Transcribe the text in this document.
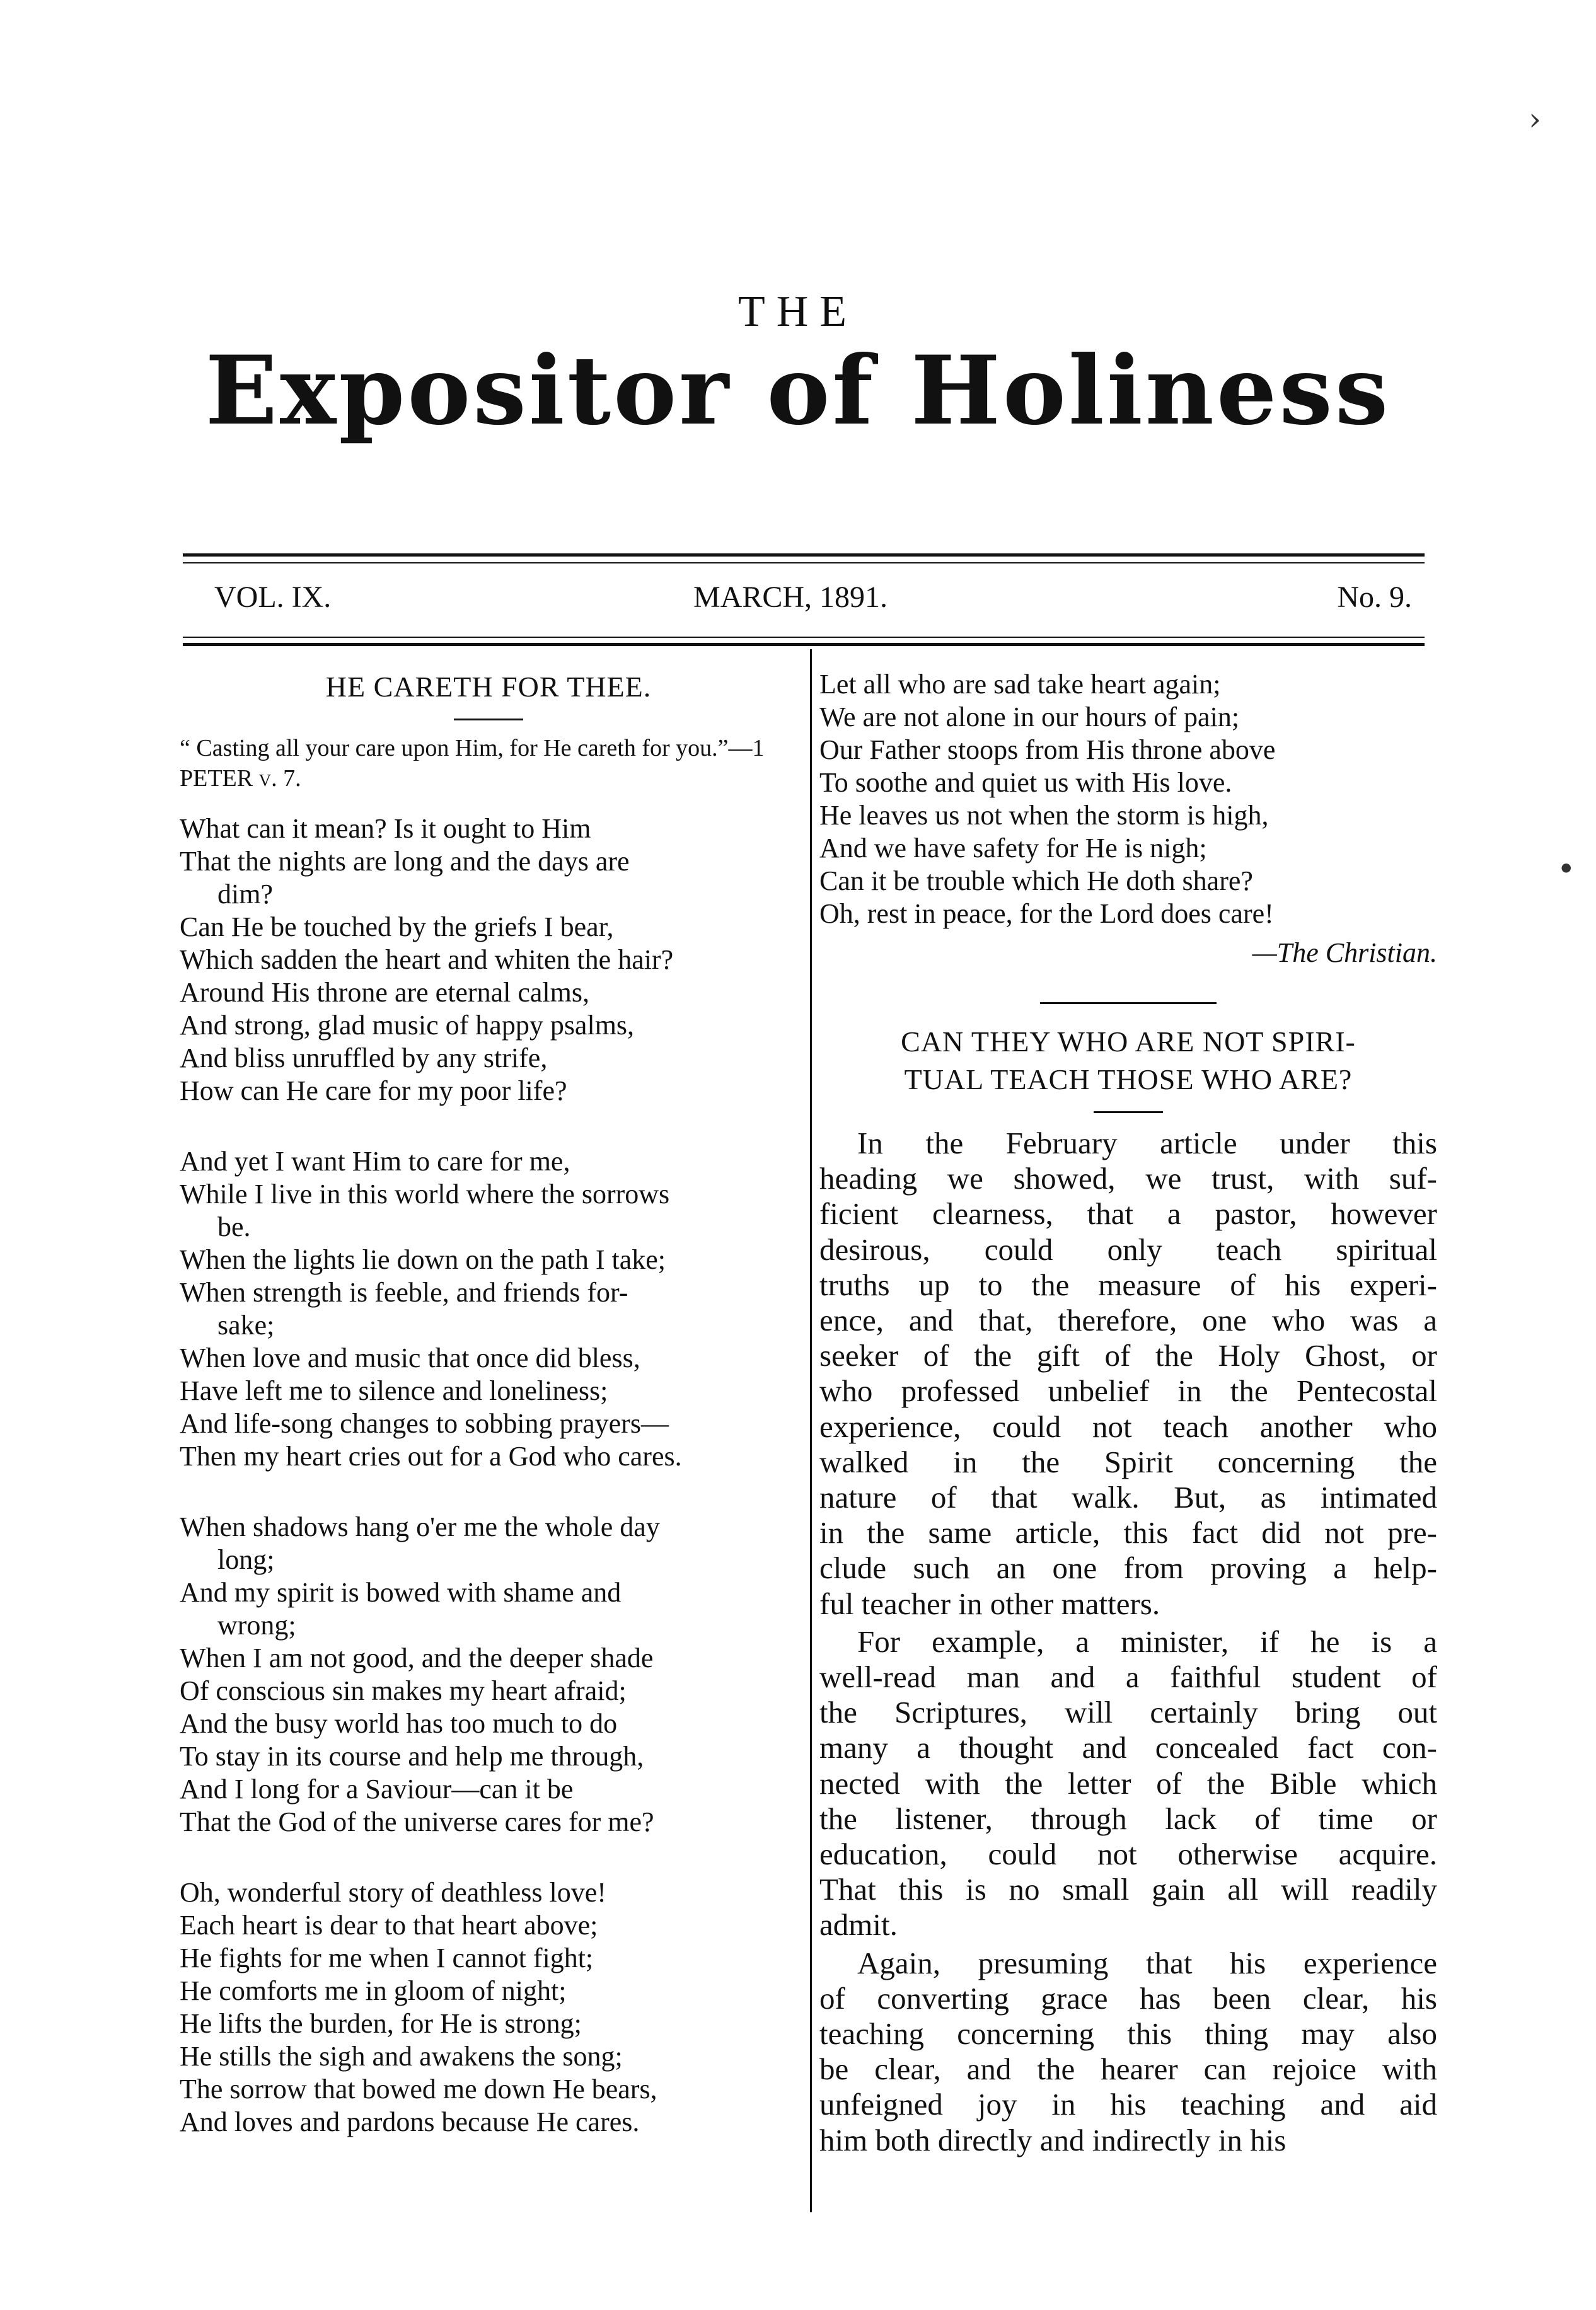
›
•
THE
Expositor of Holiness
VOL. IX.	MARCH, 1891.	No. 9.
HE CARETH FOR THEE.

“ Casting all your care upon Him, for He careth for you.”—1 PETER v. 7.

What can it mean? Is it ought to Him
That the nights are long and the days are
dim?
Can He be touched by the griefs I bear,
Which sadden the heart and whiten the hair?
Around His throne are eternal calms,
And strong, glad music of happy psalms,
And bliss unruffled by any strife,
How can He care for my poor life?
And yet I want Him to care for me,
While I live in this world where the sorrows
be.
When the lights lie down on the path I take;
When strength is feeble, and friends for-
sake;
When love and music that once did bless,
Have left me to silence and loneliness;
And life-song changes to sobbing prayers—
Then my heart cries out for a God who cares.
When shadows hang o'er me the whole day
long;
And my spirit is bowed with shame and
wrong;
When I am not good, and the deeper shade
Of conscious sin makes my heart afraid;
And the busy world has too much to do
To stay in its course and help me through,
And I long for a Saviour—can it be
That the God of the universe cares for me?
Oh, wonderful story of deathless love!
Each heart is dear to that heart above;
He fights for me when I cannot fight;
He comforts me in gloom of night;
He lifts the burden, for He is strong;
He stills the sigh and awakens the song;
The sorrow that bowed me down He bears,
And loves and pardons because He cares.
Let all who are sad take heart again;
We are not alone in our hours of pain;
Our Father stoops from His throne above
To soothe and quiet us with His love.
He leaves us not when the storm is high,
And we have safety for He is nigh;
Can it be trouble which He doth share?
Oh, rest in peace, for the Lord does care!
—The Christian.
CAN THEY WHO ARE NOT SPIRI-
TUAL TEACH THOSE WHO ARE?

In the February article under this
heading we showed, we trust, with suf-
ficient clearness, that a pastor, however
desirous, could only teach spiritual
truths up to the measure of his experi-
ence, and that, therefore, one who was a
seeker of the gift of the Holy Ghost, or
who professed unbelief in the Pentecostal
experience, could not teach another who
walked in the Spirit concerning the
nature of that walk. But, as intimated
in the same article, this fact did not pre-
clude such an one from proving a help-
ful teacher in other matters.

For example, a minister, if he is a
well-read man and a faithful student of
the Scriptures, will certainly bring out
many a thought and concealed fact con-
nected with the letter of the Bible which
the listener, through lack of time or
education, could not otherwise acquire.
That this is no small gain all will readily
admit.

Again, presuming that his experience
of converting grace has been clear, his
teaching concerning this thing may also
be clear, and the hearer can rejoice with
unfeigned joy in his teaching and aid
him both directly and indirectly in his
